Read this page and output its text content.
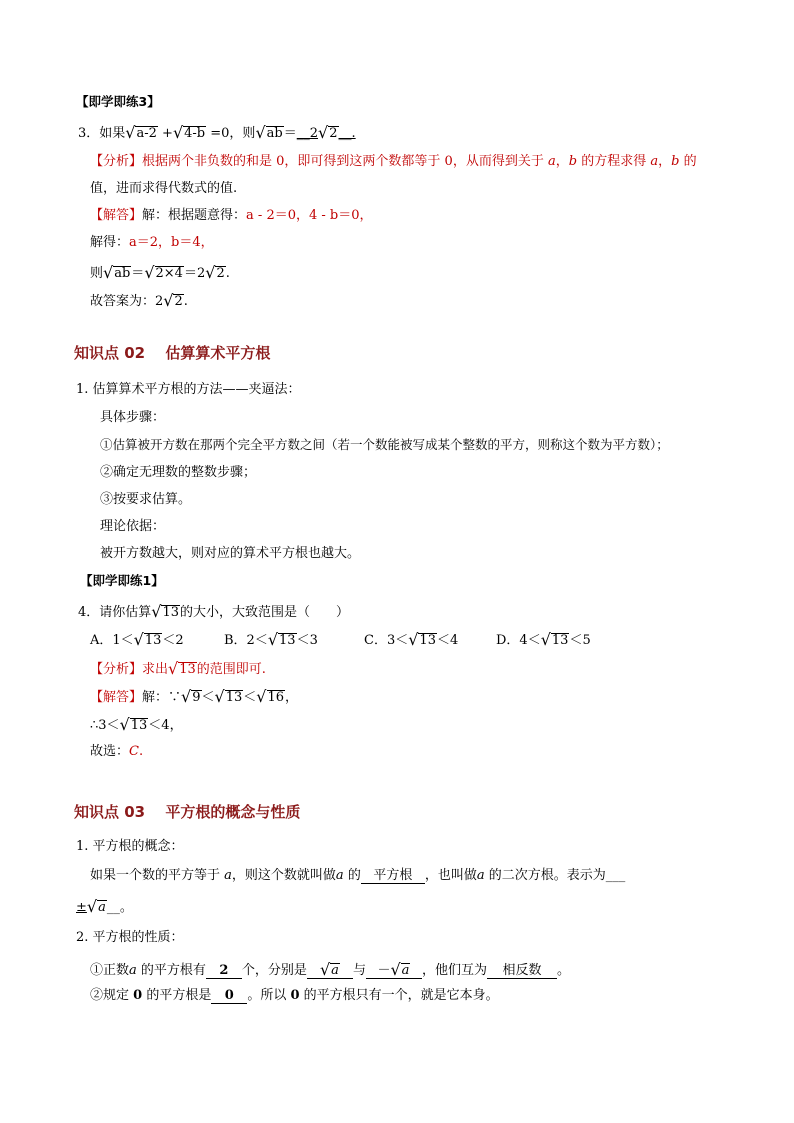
【即学即练3】
3．如果√a-2 +√4-b =0，则√ab＝__2√2__.
【分析】根据两个非负数的和是 0，即可得到这两个数都等于 0，从而得到关于 a，b 的方程求得 a，b 的
值，进而求得代数式的值.
【解答】解：根据题意得：a - 2＝0，4 - b＝0，
解得：a＝2，b＝4，
则√ab＝√2×4＝2√2.
故答案为：2√2.
知识点 02　 估算算术平方根
1. 估算算术平方根的方法——夹逼法：
具体步骤：
①估算被开方数在那两个完全平方数之间（若一个数能被写成某个整数的平方，则称这个数为平方数）；
②确定无理数的整数步骤；
③按要求估算。
理论依据：
被开方数越大，则对应的算术平方根也越大。
【即学即练1】
4．请你估算√13的大小，大致范围是（　　）
A．1＜√13＜2	B．2＜√13＜3	C．3＜√13＜4	D．4＜√13＜5
【分析】求出√13的范围即可.
【解答】解：∵√9＜√13＜√16，
∴3＜√13＜4，
故选：C.
知识点 03　 平方根的概念与性质
1. 平方根的概念：
如果一个数的平方等于 a，则这个数就叫做a 的 平方根 ，也叫做a 的二次方根。表示为___
±√a__。
2. 平方根的性质：
①正数a 的平方根有 2 个，分别是 √a 与 －√a ，他们互为 相反数 。
②规定 0 的平方根是 0 。所以 0 的平方根只有一个，就是它本身。
